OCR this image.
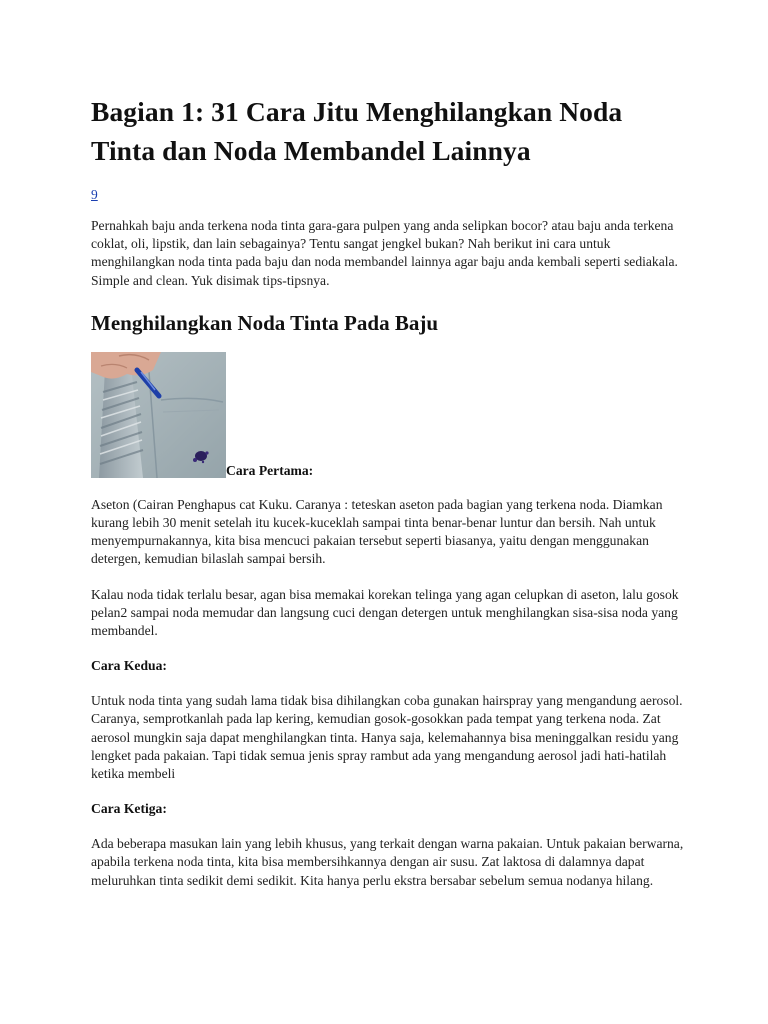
Bagian 1: 31 Cara Jitu Menghilangkan Noda Tinta dan Noda Membandel Lainnya
9

Pernahkah baju anda terkena noda tinta gara-gara pulpen yang anda selipkan bocor? atau baju anda terkena coklat, oli, lipstik, dan lain sebagainya? Tentu sangat jengkel bukan? Nah berikut ini cara untuk menghilangkan noda tinta pada baju dan noda membandel lainnya agar baju anda kembali seperti sediakala. Simple and clean. Yuk disimak tips-tipsnya.

Menghilangkan Noda Tinta Pada Baju
Cara Pertama:

Aseton (Cairan Penghapus cat Kuku. Caranya : teteskan aseton pada bagian yang terkena noda. Diamkan kurang lebih 30 menit setelah itu kucek-kuceklah sampai tinta benar-benar luntur dan bersih. Nah untuk menyempurnakannya, kita bisa mencuci pakaian tersebut seperti biasanya, yaitu dengan menggunakan detergen, kemudian bilaslah sampai bersih.

Kalau noda tidak terlalu besar, agan bisa memakai korekan telinga yang agan celupkan di aseton, lalu gosok pelan2 sampai noda memudar dan langsung cuci dengan detergen untuk menghilangkan sisa-sisa noda yang membandel.

Cara Kedua:

Untuk noda tinta yang sudah lama tidak bisa dihilangkan coba gunakan hairspray yang mengandung aerosol. Caranya, semprotkanlah pada lap kering, kemudian gosok-gosokkan pada tempat yang terkena noda. Zat aerosol mungkin saja dapat menghilangkan tinta. Hanya saja, kelemahannya bisa meninggalkan residu yang lengket pada pakaian. Tapi tidak semua jenis spray rambut ada yang mengandung aerosol jadi hati-hatilah ketika membeli

Cara Ketiga:

Ada beberapa masukan lain yang lebih khusus, yang terkait dengan warna pakaian. Untuk pakaian berwarna, apabila terkena noda tinta, kita bisa membersihkannya dengan air susu. Zat laktosa di dalamnya dapat meluruhkan tinta sedikit demi sedikit. Kita hanya perlu ekstra bersabar sebelum semua nodanya hilang.
